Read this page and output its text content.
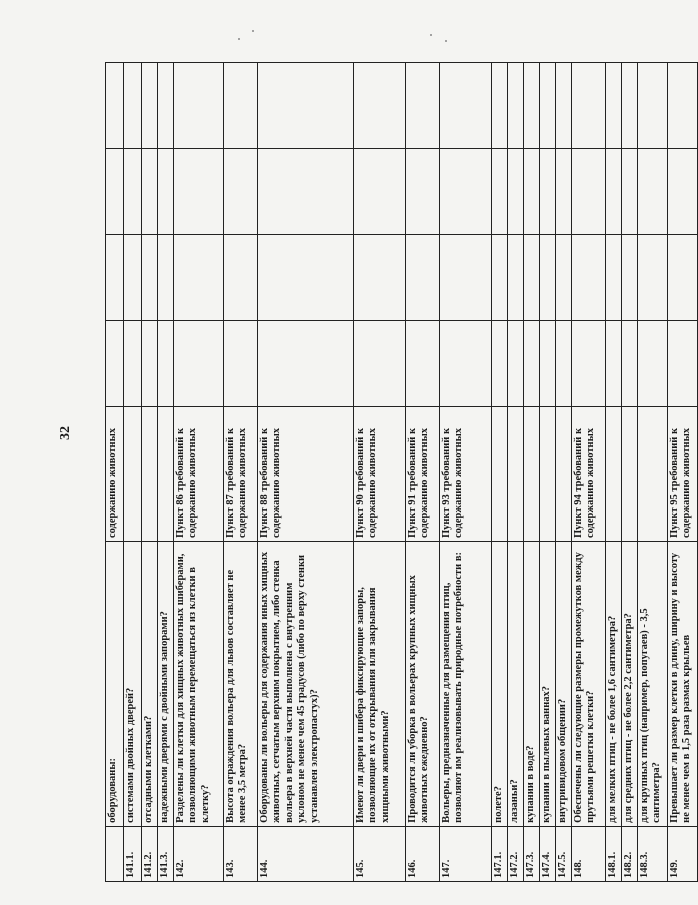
32
	оборудованы:	содержанию животных				
141.1.	системами двойных дверей?					
141.2.	отсадными клетками?					
141.3.	надежными дверями с двойными запорами?					
142.	Разделены ли клетки для хищных животных шиберами, позволяющими животным перемещаться из клетки в клетку?	Пункт 86 требований к содержанию животных				
143.	Высота ограждения вольера для львов составляет не менее 3,5 метра?	Пункт 87 требований к содержанию животных				
144.	Оборудованы ли вольеры для содержания иных хищных животных, сетчатым верхним покрытием, либо стенка вольера в верхней части выполнена с внутренним уклоном не менее чем 45 градусов (либо по верху стенки устанавлен электропастух)?	Пункт 88 требований к содержанию животных				
145.	Имеют ли двери и шибера фиксирующие запоры, позволяющие их от открывания или закрывания хищными животными?	Пункт 90 требований к содержанию животных				
146.	Проводится ли уборка в вольерах крупных хищных животных ежедневно?	Пункт 91 требований к содержанию животных				
147.	Вольеры, предназначенные для размещения птиц, позволяют им реализовывать природные потребности в:	Пункт 93 требований к содержанию животных				
147.1.	полете?					
147.2.	лазаньи?					
147.3.	купании в воде?					
147.4.	купании в пылевых ваннах?					
147.5.	внутривидовом общении?					
148.	Обеспечены ли следующие размеры промежутков между прутьями решетки клетки?	Пункт 94 требований к содержанию животных				
148.1.	для мелких птиц - не более 1,6 сантиметра?					
148.2.	для средних птиц - не более 2,2 сантиметра?					
148.3.	для крупных птиц (например, попугаев) - 3,5 сантиметра?					
149.	Превышает ли размер клетки в длину, ширину и высоту не менее чем в 1,5 раза размах крыльев	Пункт 95 требований к содержанию животных				
